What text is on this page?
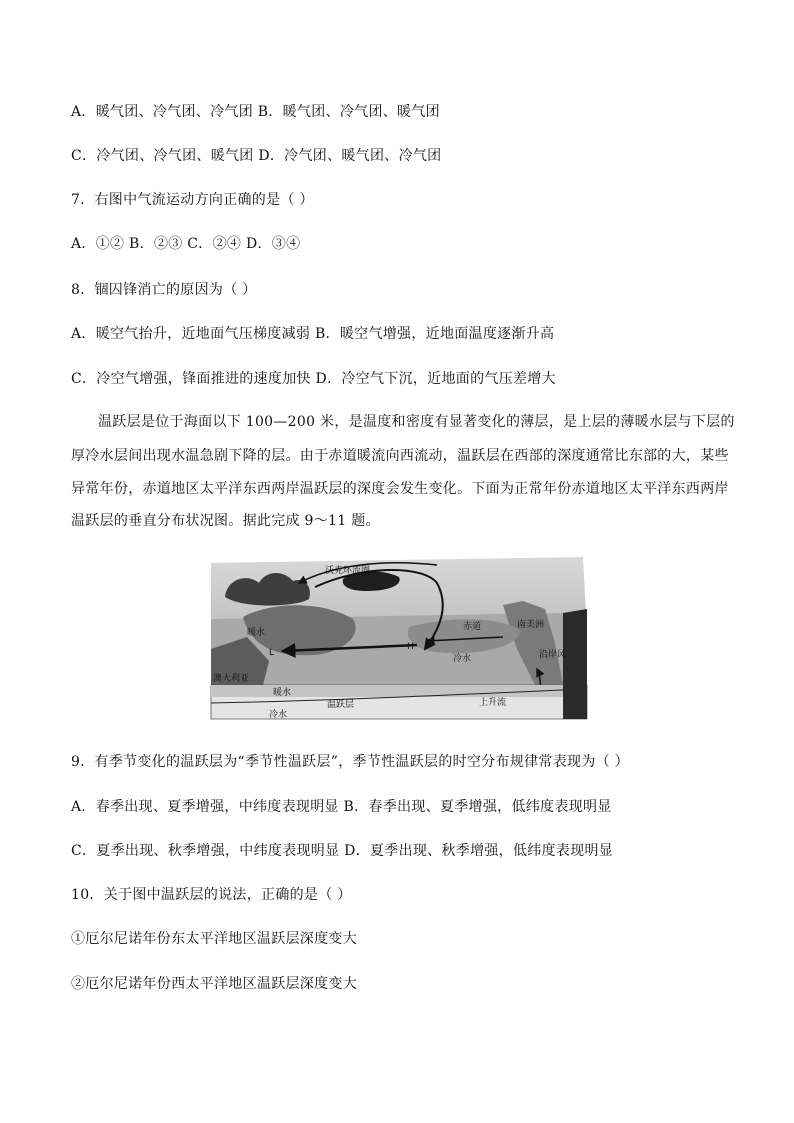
A．暖气团、冷气团、冷气团 B．暖气团、冷气团、暖气团
C．冷气团、冷气团、暖气团 D．冷气团、暖气团、冷气团
7．右图中气流运动方向正确的是（ ）
A．①② B．②③ C．②④ D．③④
8．锢囚锋消亡的原因为（ ）
A．暖空气抬升，近地面气压梯度减弱 B．暖空气增强，近地面温度逐渐升高
C．冷空气增强，锋面推进的速度加快 D．冷空气下沉，近地面的气压差增大
温跃层是位于海面以下 100—200 米，是温度和密度有显著变化的薄层，是上层的薄暖水层与下层的
厚冷水层间出现水温急剧下降的层。由于赤道暖流向西流动，温跃层在西部的深度通常比东部的大，某些
异常年份，赤道地区太平洋东西两岸温跃层的深度会发生变化。下面为正常年份赤道地区太平洋东西两岸
温跃层的垂直分布状况图。据此完成 9～11 题。
沃克环流圈
暖水
赤道	南美洲
H
L
冷水	沿岸风
澳大利亚
暖水
温跃层	上升流
冷水
9．有季节变化的温跃层为“季节性温跃层”，季节性温跃层的时空分布规律常表现为（ ）
A．春季出现、夏季增强，中纬度表现明显 B．春季出现、夏季增强，低纬度表现明显
C．夏季出现、秋季增强，中纬度表现明显 D．夏季出现、秋季增强，低纬度表现明显
10．关于图中温跃层的说法，正确的是（ ）
①厄尔尼诺年份东太平洋地区温跃层深度变大
②厄尔尼诺年份西太平洋地区温跃层深度变大
